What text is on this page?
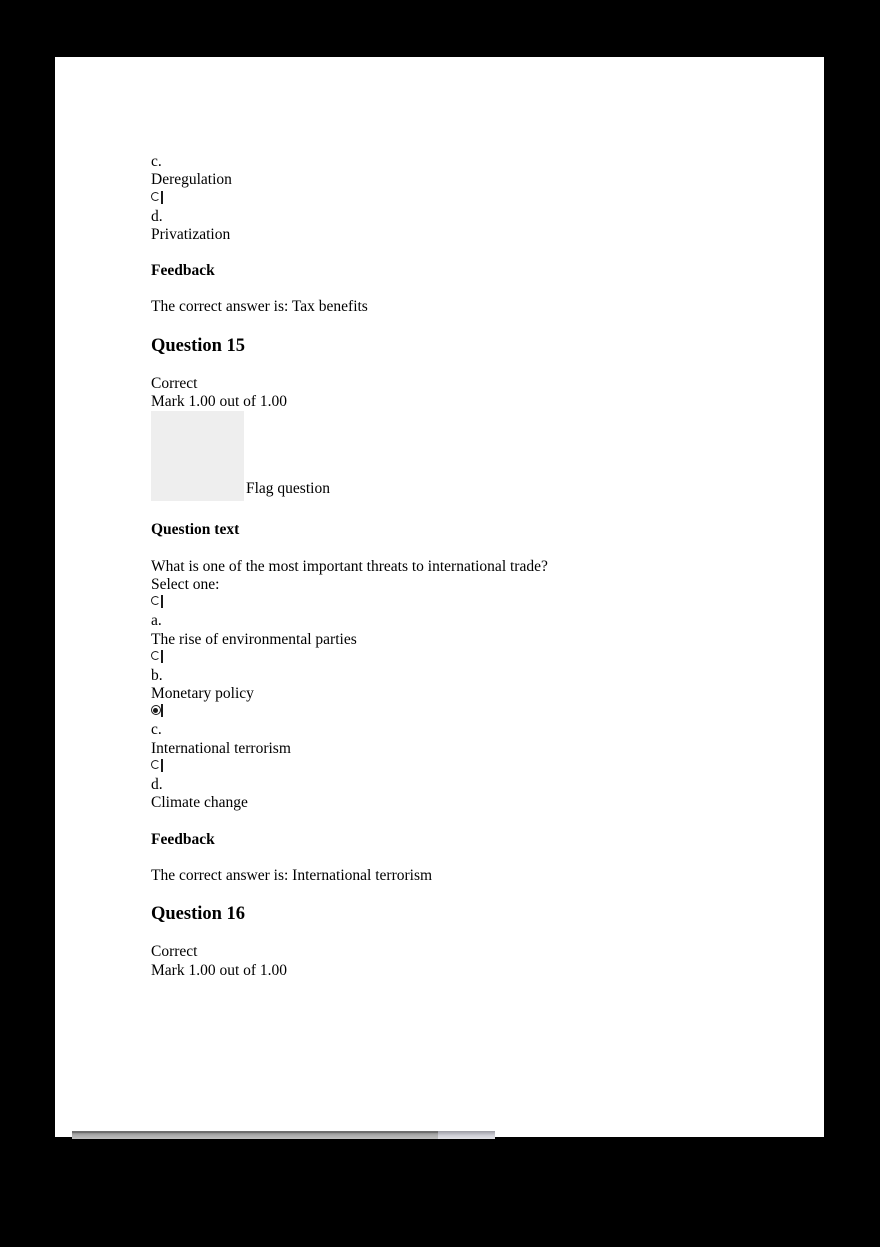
c.
Deregulation
d.
Privatization
Feedback
The correct answer is: Tax benefits
Question 15
Correct
Mark 1.00 out of 1.00
Flag question
Question text
What is one of the most important threats to international trade?
Select one:
a.
The rise of environmental parties
b.
Monetary policy
c.
International terrorism
d.
Climate change
Feedback
The correct answer is: International terrorism
Question 16
Correct
Mark 1.00 out of 1.00
